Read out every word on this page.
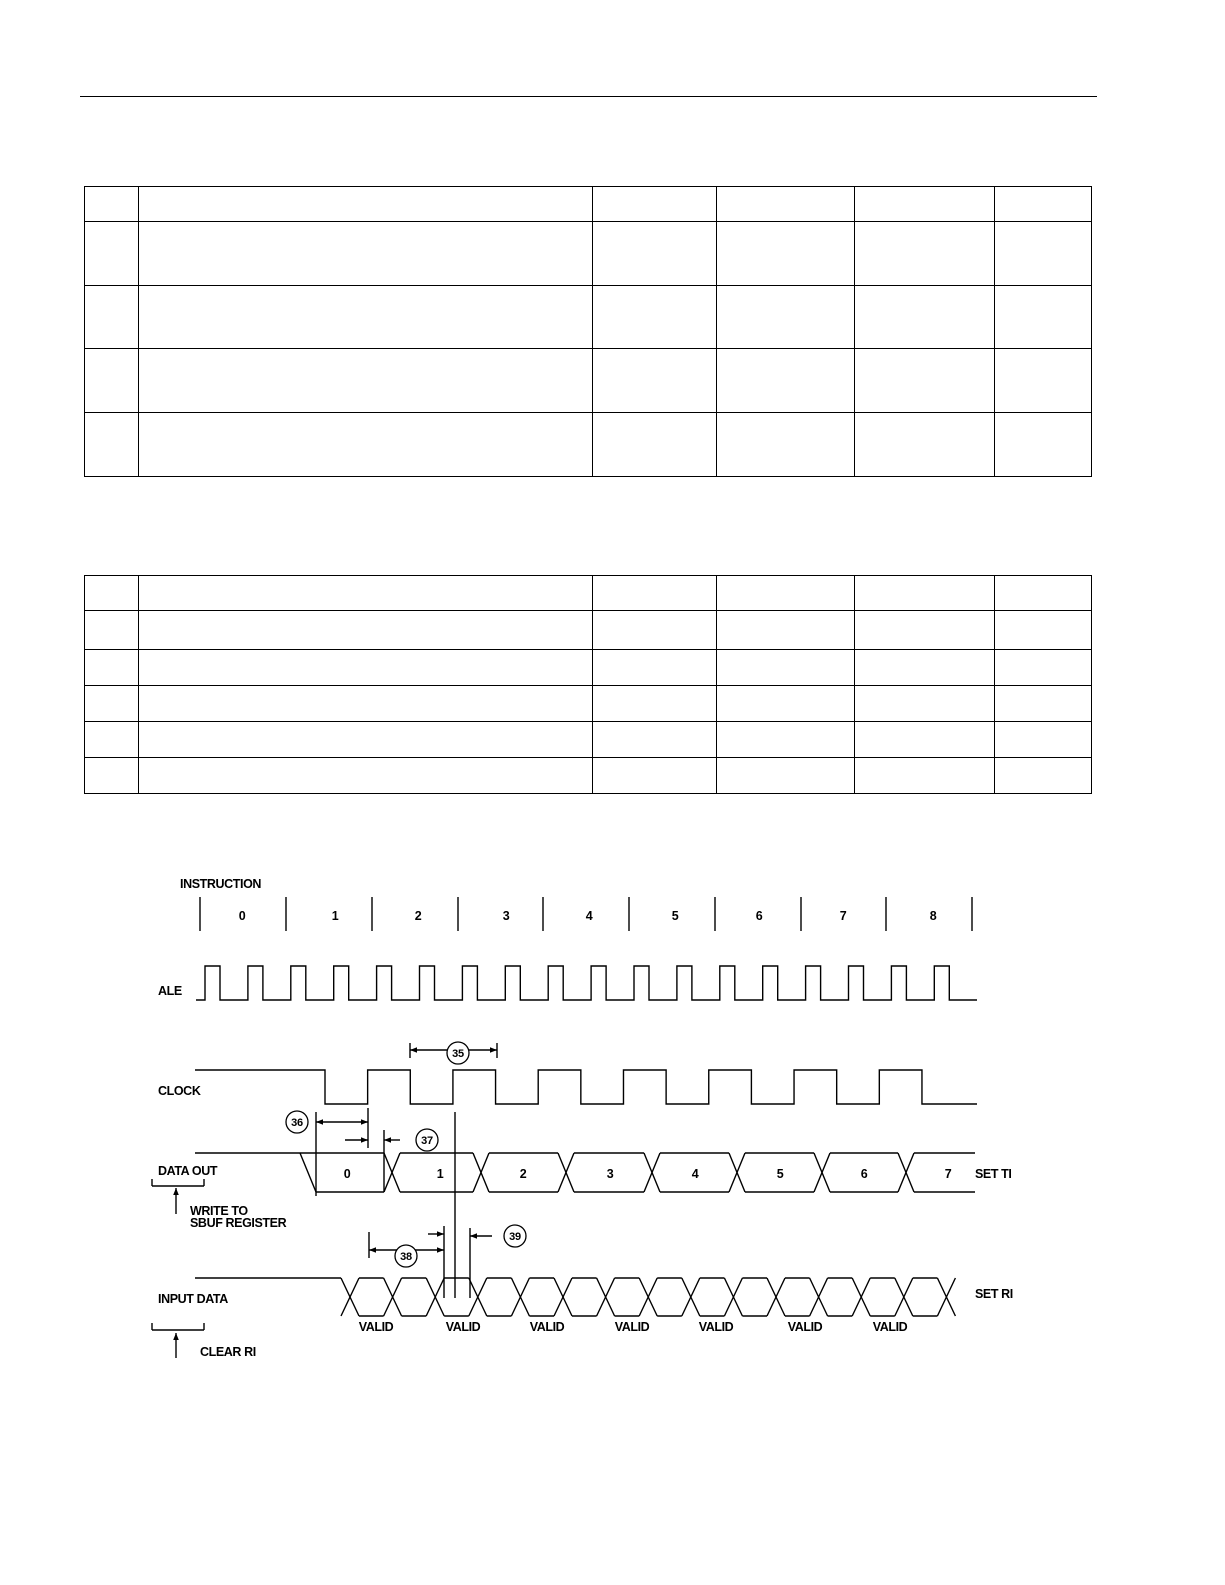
INSTRUCTION
0	1	2	3	4	5	6	7	8
ALE
CLOCK
35
DATA OUT	0	1	2	3	4	5	6	7 SET TI
WRITE TO
SBUF REGISTER
36
37
38
39
INPUT DATA
VALID	VALID	VALID	VALID	VALID	VALID	VALID
SET RI
CLEAR RI
